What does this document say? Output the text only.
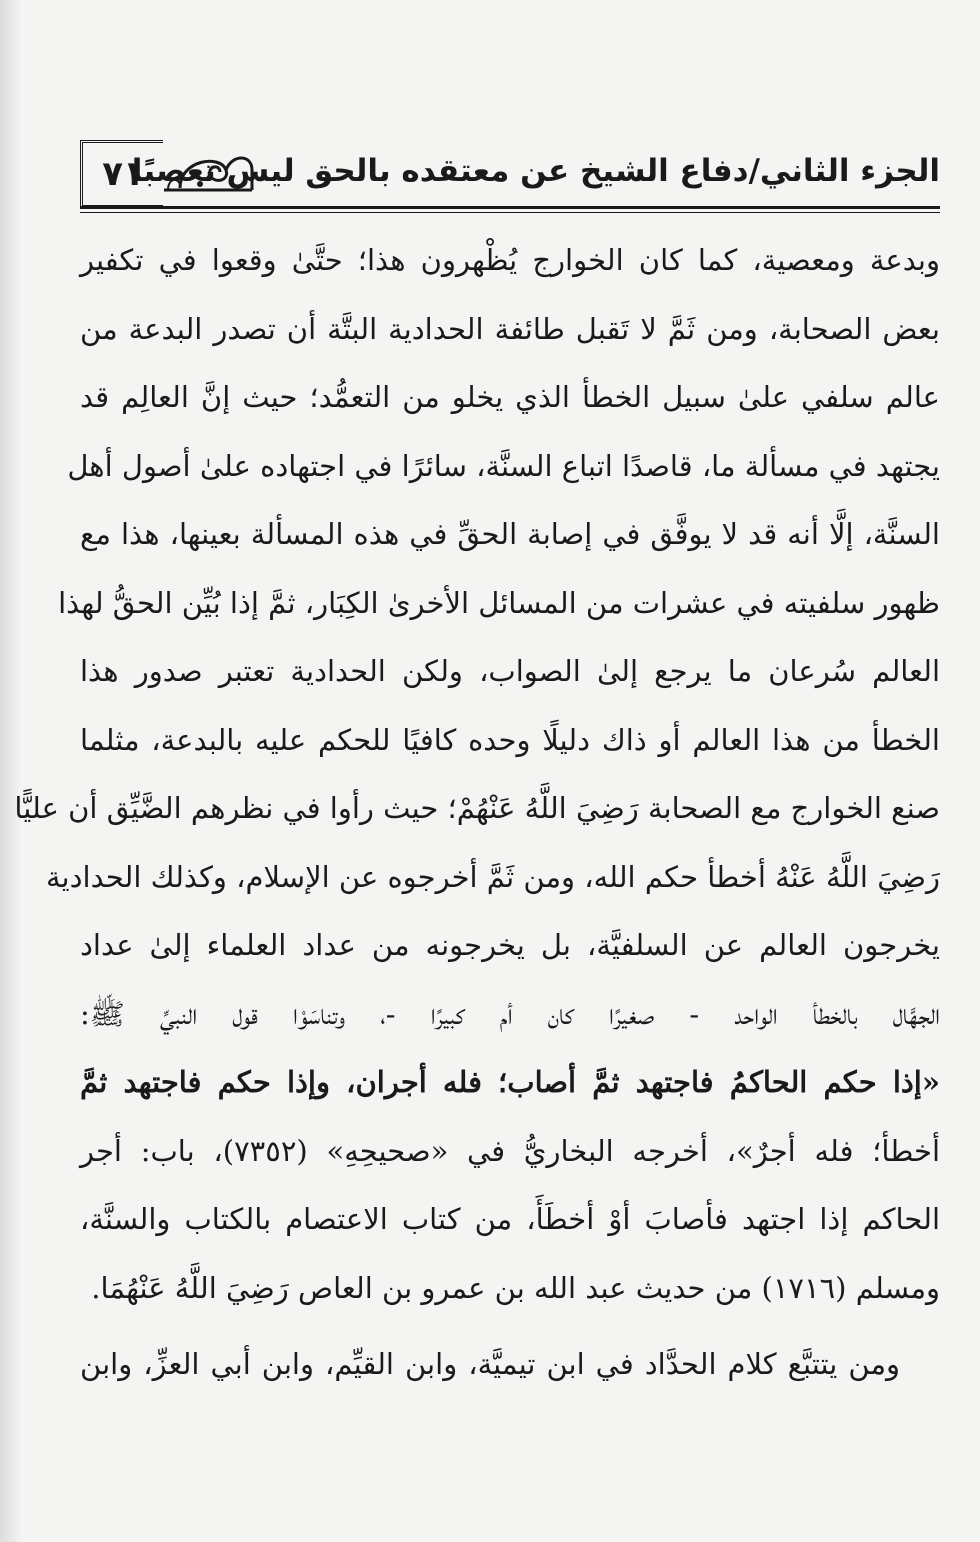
٧١
الجزء الثاني/دفاع الشيخ عن معتقده بالحق ليس تعصبًا
وبدعة ومعصية، كما كان الخوارج يُظْهرون هذا؛ حتَّىٰ وقعوا في تكفير
بعض الصحابة، ومن ثَمَّ لا تَقبل طائفة الحدادية البتَّة أن تصدر البدعة من
عالم سلفي علىٰ سبيل الخطأ الذي يخلو من التعمُّد؛ حيث إنَّ العالِم قد
يجتهد في مسألة ما، قاصدًا اتباع السنَّة، سائرًا في اجتهاده علىٰ أصول أهل
السنَّة، إلَّا أنه قد لا يوفَّق في إصابة الحقِّ في هذه المسألة بعينها، هذا مع
ظهور سلفيته في عشرات من المسائل الأخرىٰ الكِبَار، ثمَّ إذا بُيِّن الحقُّ لهذا
العالم سُرعان ما يرجع إلىٰ الصواب، ولكن الحدادية تعتبر صدور هذا
الخطأ من هذا العالم أو ذاك دليلًا وحده كافيًا للحكم عليه بالبدعة، مثلما
صنع الخوارج مع الصحابة رَضِيَ اللَّهُ عَنْهُمْ؛ حيث رأوا في نظرهم الضَّيِّق أن عليًّا
رَضِيَ اللَّهُ عَنْهُ أخطأ حكم الله، ومن ثَمَّ أخرجوه عن الإسلام، وكذلك الحدادية
يخرجون العالم عن السلفيَّة، بل يخرجونه من عداد العلماء إلىٰ عداد
الجهَّال بالخطأ الواحد - صغيرًا كان أم كبيرًا -، وتناسَوْا قول النبيِّ ﷺ:
«إذا حكم الحاكمُ فاجتهد ثمَّ أصاب؛ فله أجران، وإذا حكم فاجتهد ثمَّ
أخطأ؛ فله أجرٌ»، أخرجه البخاريُّ في «صحيحِهِ» (٧٣٥٢)، باب: أجر
الحاكم إذا اجتهد فأصابَ أوْ أخطَأَ، من كتاب الاعتصام بالكتاب والسنَّة،
ومسلم (١٧١٦) من حديث عبد الله بن عمرو بن العاص رَضِيَ اللَّهُ عَنْهُمَا.
ومن يتتبَّع كلام الحدَّاد في ابن تيميَّة، وابن القيِّم، وابن أبي العزِّ، وابن
